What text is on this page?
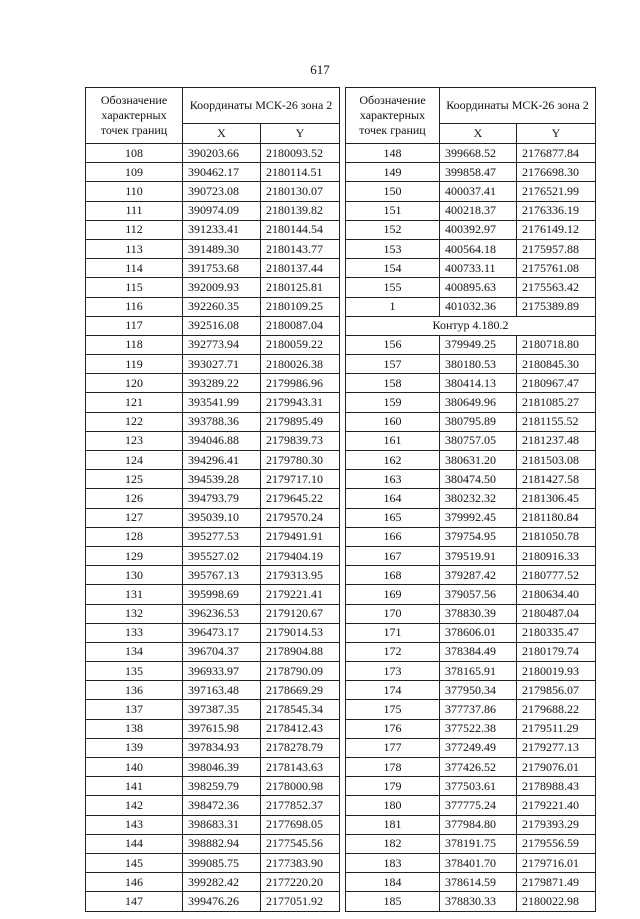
617
Обозначение характерных точек границ	Координаты МСК-26 зона 2	
	X	Y
108	390203.66	2180093.52
109	390462.17	2180114.51
110	390723.08	2180130.07
111	390974.09	2180139.82
112	391233.41	2180144.54
113	391489.30	2180143.77
114	391753.68	2180137.44
115	392009.93	2180125.81
116	392260.35	2180109.25
117	392516.08	2180087.04
118	392773.94	2180059.22
119	393027.71	2180026.38
120	393289.22	2179986.96
121	393541.99	2179943.31
122	393788.36	2179895.49
123	394046.88	2179839.73
124	394296.41	2179780.30
125	394539.28	2179717.10
126	394793.79	2179645.22
127	395039.10	2179570.24
128	395277.53	2179491.91
129	395527.02	2179404.19
130	395767.13	2179313.95
131	395998.69	2179221.41
132	396236.53	2179120.67
133	396473.17	2179014.53
134	396704.37	2178904.88
135	396933.97	2178790.09
136	397163.48	2178669.29
137	397387.35	2178545.34
138	397615.98	2178412.43
139	397834.93	2178278.79
140	398046.39	2178143.63
141	398259.79	2178000.98
142	398472.36	2177852.37
143	398683.31	2177698.05
144	398882.94	2177545.56
145	399085.75	2177383.90
146	399282.42	2177220.20
147	399476.26	2177051.92
Обозначение характерных точек границ	Координаты МСК-26 зона 2	
	X	Y
148	399668.52	2176877.84
149	399858.47	2176698.30
150	400037.41	2176521.99
151	400218.37	2176336.19
152	400392.97	2176149.12
153	400564.18	2175957.88
154	400733.11	2175761.08
155	400895.63	2175563.42
1	401032.36	2175389.89
Контур 4.180.2		
156	379949.25	2180718.80
157	380180.53	2180845.30
158	380414.13	2180967.47
159	380649.96	2181085.27
160	380795.89	2181155.52
161	380757.05	2181237.48
162	380631.20	2181503.08
163	380474.50	2181427.58
164	380232.32	2181306.45
165	379992.45	2181180.84
166	379754.95	2181050.78
167	379519.91	2180916.33
168	379287.42	2180777.52
169	379057.56	2180634.40
170	378830.39	2180487.04
171	378606.01	2180335.47
172	378384.49	2180179.74
173	378165.91	2180019.93
174	377950.34	2179856.07
175	377737.86	2179688.22
176	377522.38	2179511.29
177	377249.49	2179277.13
178	377426.52	2179076.01
179	377503.61	2178988.43
180	377775.24	2179221.40
181	377984.80	2179393.29
182	378191.75	2179556.59
183	378401.70	2179716.01
184	378614.59	2179871.49
185	378830.33	2180022.98
